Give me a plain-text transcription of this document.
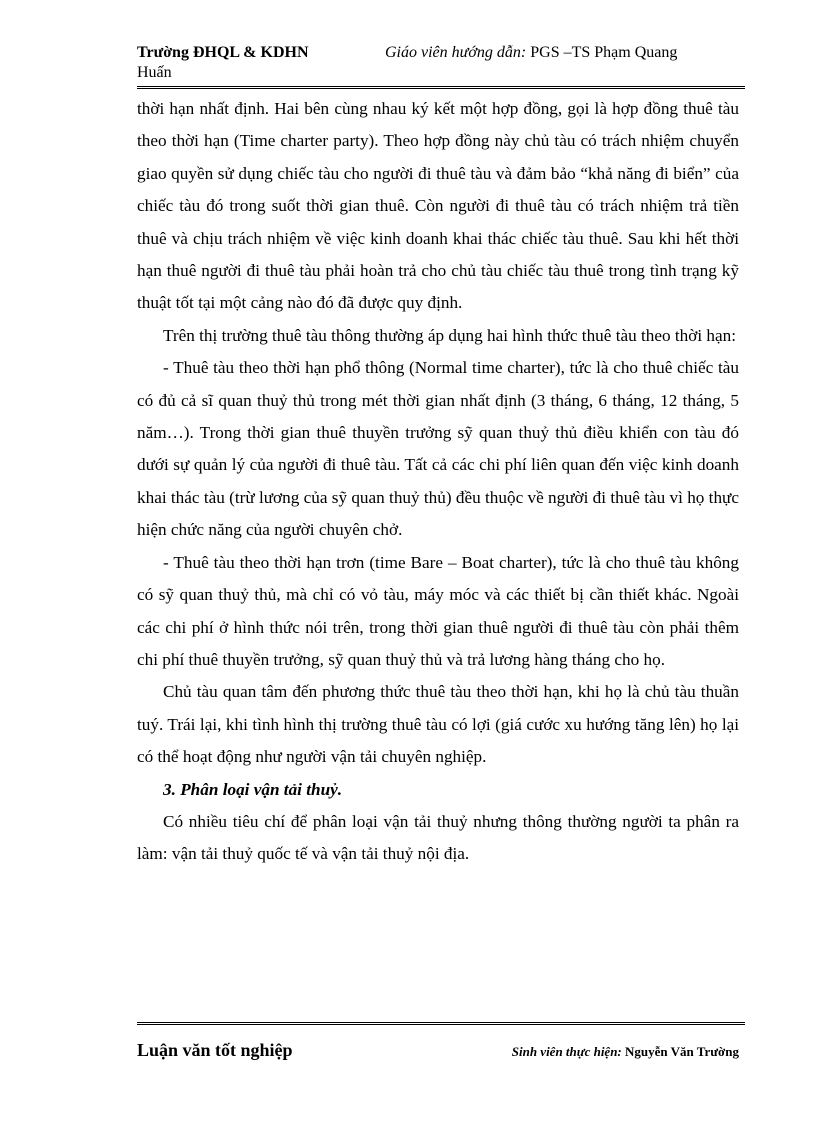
Trường ĐHQL & KDHN	Giáo viên hướng dẫn: PGS –TS Phạm Quang
Huấn

thời hạn nhất định. Hai bên cùng nhau ký kết một hợp đồng, gọi là hợp đồng thuê tàu theo thời hạn (Time charter party). Theo hợp đồng này chủ tàu có trách nhiệm chuyển giao quyền sử dụng chiếc tàu cho người đi thuê tàu và đảm bảo “khả năng đi biển” của chiếc tàu đó trong suốt thời gian thuê. Còn người đi thuê tàu có trách nhiệm trả tiền thuê và chịu trách nhiệm về việc kinh doanh khai thác chiếc tàu thuê. Sau khi hết thời hạn thuê người đi thuê tàu phải hoàn trả cho chủ tàu chiếc tàu thuê trong tình trạng kỹ thuật tốt tại một cảng nào đó đã được quy định.

Trên thị trường thuê tàu thông thường áp dụng hai hình thức thuê tàu theo thời hạn:

- Thuê tàu theo thời hạn phổ thông (Normal time charter), tức là cho thuê chiếc tàu có đủ cả sĩ quan thuỷ thủ trong mét thời gian nhất định (3 tháng, 6 tháng, 12 tháng, 5 năm…). Trong thời gian thuê thuyền trưởng sỹ quan thuỷ thủ điều khiển con tàu đó dưới sự quản lý của người đi thuê tàu. Tất cả các chi phí liên quan đến việc kinh doanh khai thác tàu (trừ lương của sỹ quan thuỷ thủ) đều thuộc về người đi thuê tàu vì họ thực hiện chức năng của người chuyên chở.

- Thuê tàu theo thời hạn trơn (time Bare – Boat charter), tức là cho thuê tàu không có sỹ quan thuỷ thủ, mà chỉ có vỏ tàu, máy móc và các thiết bị cần thiết khác. Ngoài các chi phí ở hình thức nói trên, trong thời gian thuê người đi thuê tàu còn phải thêm chi phí thuê thuyền trưởng, sỹ quan thuỷ thủ và trả lương hàng tháng cho họ.

Chủ tàu quan tâm đến phương thức thuê tàu theo thời hạn, khi họ là chủ tàu thuần tuý. Trái lại, khi tình hình thị trường thuê tàu có lợi (giá cước xu hướng tăng lên) họ lại có thể hoạt động như người vận tải chuyên nghiệp.

3. Phân loại vận tải thuỷ.

Có nhiều tiêu chí để phân loại vận tải thuỷ nhưng thông thường người ta phân ra làm: vận tải thuỷ quốc tế và vận tải thuỷ nội địa.

Luận văn tốt nghiệp	Sinh viên thực hiện: Nguyễn Văn Trường
